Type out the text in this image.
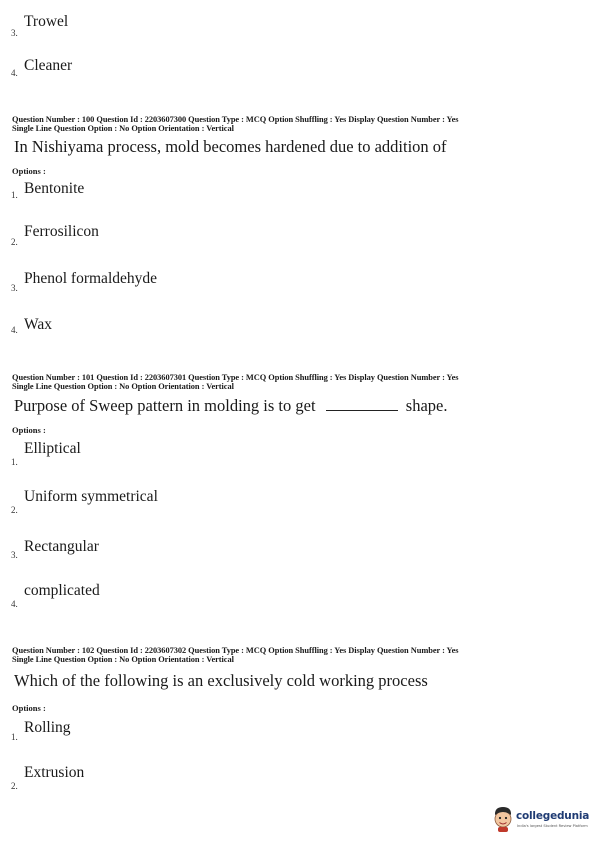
Trowel
3.
Cleaner
4.
Question Number : 100 Question Id : 2203607300 Question Type : MCQ Option Shuffling : Yes Display Question Number : Yes
Single Line Question Option : No Option Orientation : Vertical
In Nishiyama process, mold becomes hardened due to addition of
Options :
Bentonite
1.
Ferrosilicon
2.
Phenol formaldehyde
3.
Wax
4.
Question Number : 101 Question Id : 2203607301 Question Type : MCQ Option Shuffling : Yes Display Question Number : Yes
Single Line Question Option : No Option Orientation : Vertical
Purpose of Sweep pattern in molding is to get	shape.
Options :
Elliptical
1.
Uniform symmetrical
2.
Rectangular
3.
complicated
4.
Question Number : 102 Question Id : 2203607302 Question Type : MCQ Option Shuffling : Yes Display Question Number : Yes
Single Line Question Option : No Option Orientation : Vertical
Which of the following is an exclusively cold working process
Options :
Rolling
1.
Extrusion
2.
collegedunia
India's largest Student Review Platform
